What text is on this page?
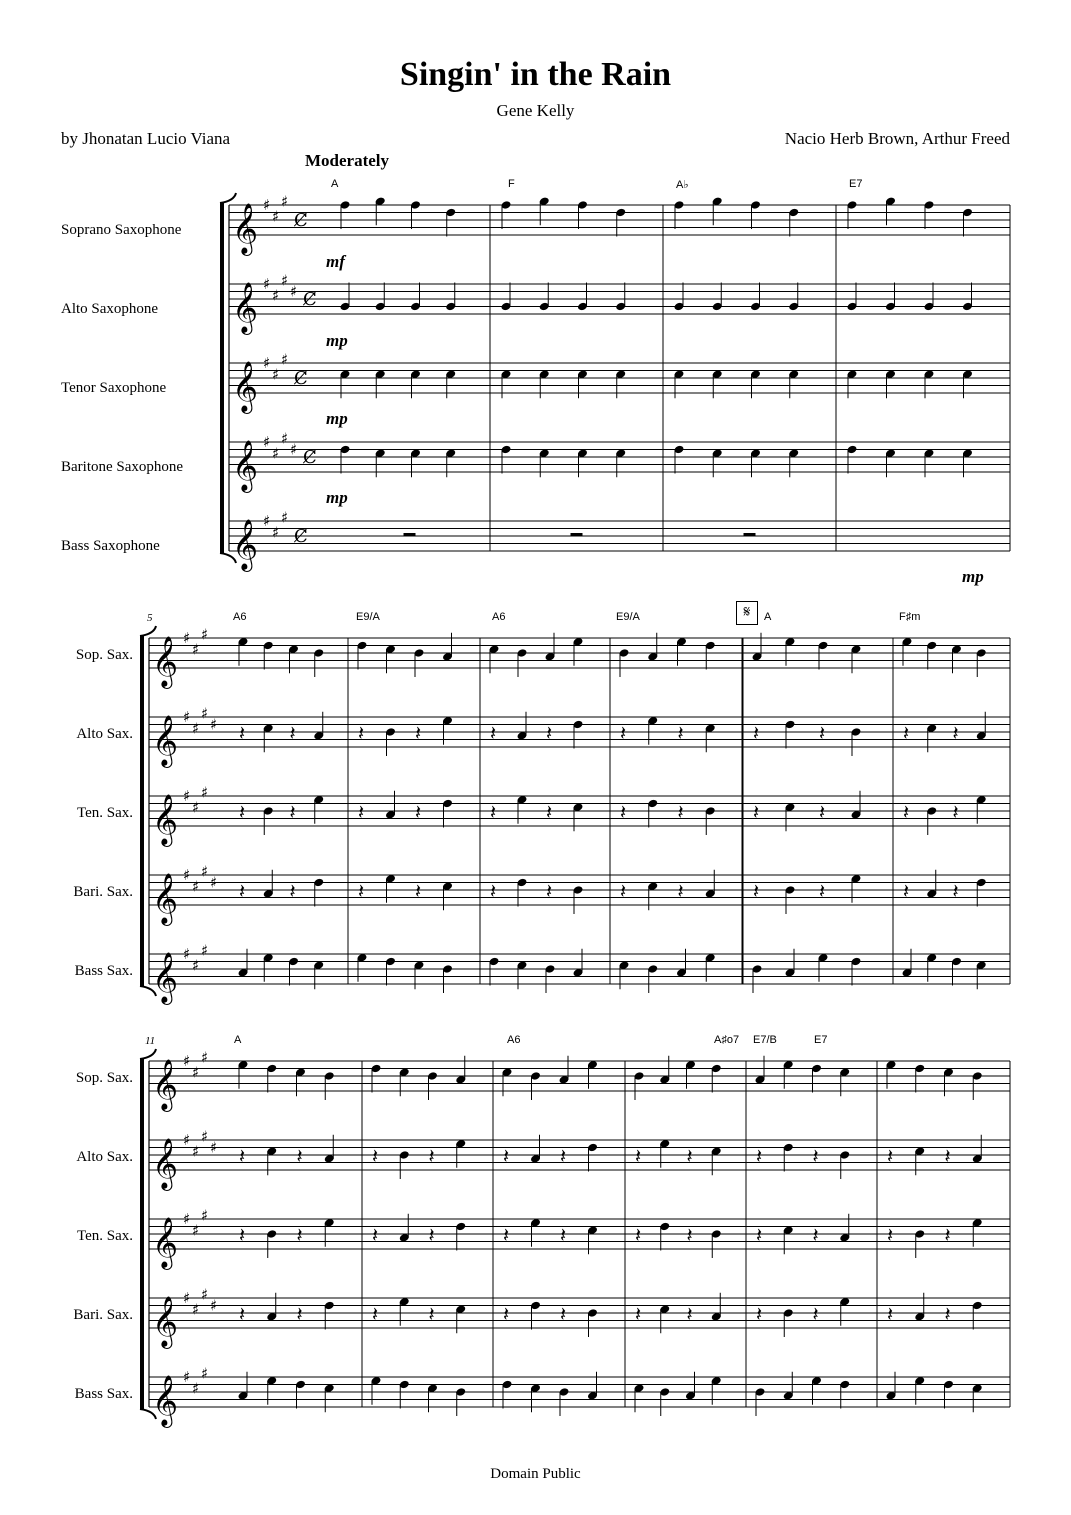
Singin' in the Rain
Gene Kelly
by Jhonatan Lucio Viana	Nacio Herb Brown, Arthur Freed
Moderately
Soprano Saxophone
Alto Saxophone
Tenor Saxophone
Baritone Saxophone
Bass Saxophone
Sop. Sax.
Alto Sax.
Ten. Sax.
Bari. Sax.
Bass Sax.
Sop. Sax.
Alto Sax.
Ten. Sax.
Bari. Sax.
Bass Sax.
mf
mp
mp
mp
mp
5
11
𝄋
A	F	A♭	E7
A6	E9/A	A6	E9/A	A	F♯m
A	A6	A♯o7 E7/B	E7
𝄞 ♯
♯
♯
C̸
𝄞 ♯
♯
♯
♯ C̸
𝄞 ♯
♯
♯
C̸
𝄞 ♯
♯
♯
♯ C̸
𝄞 ♯
♯
♯
C̸
𝄞 ♯
♯
♯
𝄞 ♯
♯
♯
♯
𝄞 ♯
♯
♯
𝄞 ♯
♯
♯
♯
𝄞 ♯
♯
♯
𝄞 ♯
♯
♯
𝄞 ♯
♯
♯
♯
𝄞 ♯
♯
♯
𝄞 ♯
♯
♯
♯
𝄞 ♯
♯
♯
𝄽 𝄽	𝄽	𝄽	𝄽 𝄽	𝄽	𝄽	𝄽	𝄽	𝄽 𝄽
𝄽 𝄽	𝄽	𝄽	𝄽 𝄽	𝄽	𝄽	𝄽	𝄽	𝄽 𝄽
𝄽 𝄽	𝄽	𝄽	𝄽 𝄽	𝄽	𝄽	𝄽	𝄽	𝄽 𝄽
𝄽	𝄽	𝄽	𝄽	𝄽	𝄽	𝄽 𝄽	𝄽	𝄽	𝄽	𝄽
𝄽	𝄽	𝄽	𝄽	𝄽	𝄽	𝄽 𝄽	𝄽	𝄽	𝄽	𝄽
𝄽	𝄽	𝄽	𝄽	𝄽	𝄽	𝄽 𝄽	𝄽	𝄽	𝄽	𝄽
Domain Public
